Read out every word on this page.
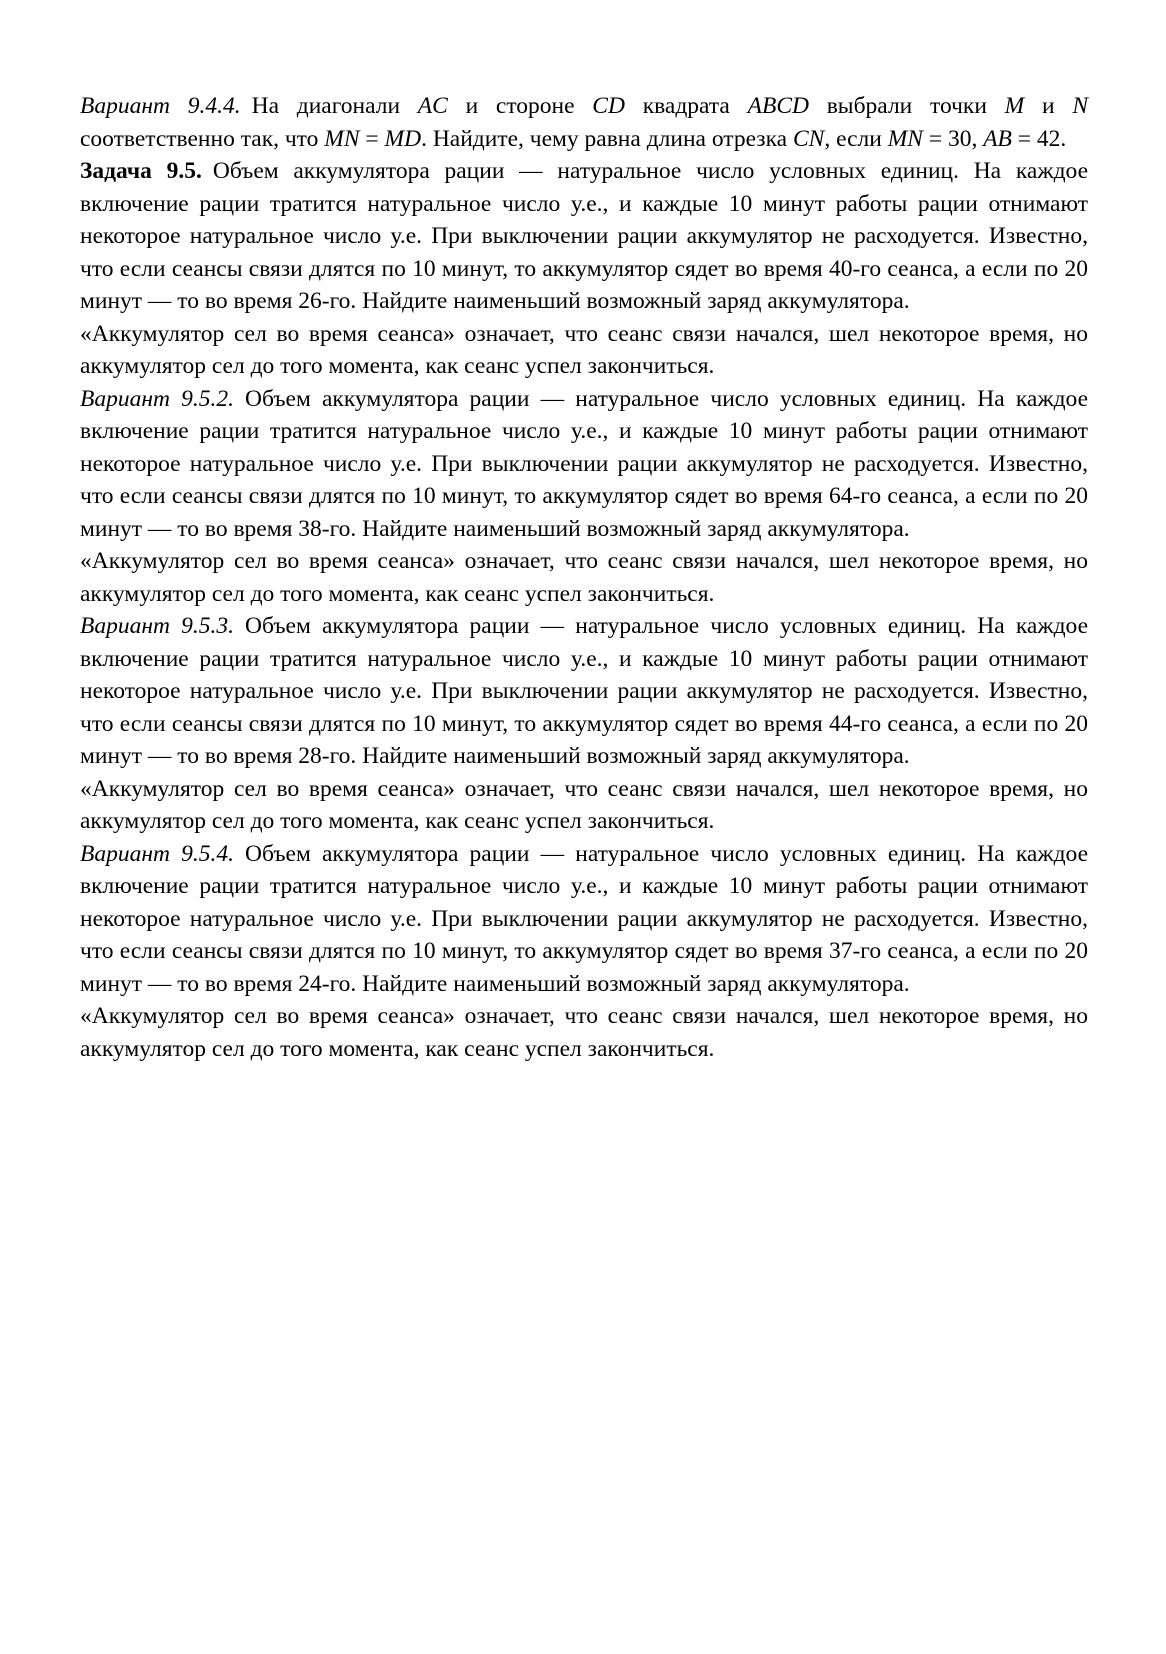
Вариант 9.4.4. На диагонали AC и стороне CD квадрата ABCD выбрали точки M и N соответственно так, что MN = MD. Найдите, чему равна длина отрезка CN, если MN = 30, AB = 42.

Задача 9.5. Объем аккумулятора рации — натуральное число условных единиц. На каждое включение рации тратится натуральное число у.е., и каждые 10 минут работы рации отнимают некоторое натуральное число у.е. При выключении рации аккумулятор не расходуется. Известно, что если сеансы связи длятся по 10 минут, то аккумулятор сядет во время 40-го сеанса, а если по 20 минут — то во время 26-го. Найдите наименьший возможный заряд аккумулятора.

«Аккумулятор сел во время сеанса» означает, что сеанс связи начался, шел некоторое время, но аккумулятор сел до того момента, как сеанс успел закончиться.

Вариант 9.5.2. Объем аккумулятора рации — натуральное число условных единиц. На каждое включение рации тратится натуральное число у.е., и каждые 10 минут работы рации отнимают некоторое натуральное число у.е. При выключении рации аккумулятор не расходуется. Известно, что если сеансы связи длятся по 10 минут, то аккумулятор сядет во время 64-го сеанса, а если по 20 минут — то во время 38-го. Найдите наименьший возможный заряд аккумулятора.

«Аккумулятор сел во время сеанса» означает, что сеанс связи начался, шел некоторое время, но аккумулятор сел до того момента, как сеанс успел закончиться.

Вариант 9.5.3. Объем аккумулятора рации — натуральное число условных единиц. На каждое включение рации тратится натуральное число у.е., и каждые 10 минут работы рации отнимают некоторое натуральное число у.е. При выключении рации аккумулятор не расходуется. Известно, что если сеансы связи длятся по 10 минут, то аккумулятор сядет во время 44-го сеанса, а если по 20 минут — то во время 28-го. Найдите наименьший возможный заряд аккумулятора.

«Аккумулятор сел во время сеанса» означает, что сеанс связи начался, шел некоторое время, но аккумулятор сел до того момента, как сеанс успел закончиться.

Вариант 9.5.4. Объем аккумулятора рации — натуральное число условных единиц. На каждое включение рации тратится натуральное число у.е., и каждые 10 минут работы рации отнимают некоторое натуральное число у.е. При выключении рации аккумулятор не расходуется. Известно, что если сеансы связи длятся по 10 минут, то аккумулятор сядет во время 37-го сеанса, а если по 20 минут — то во время 24-го. Найдите наименьший возможный заряд аккумулятора.

«Аккумулятор сел во время сеанса» означает, что сеанс связи начался, шел некоторое время, но аккумулятор сел до того момента, как сеанс успел закончиться.
